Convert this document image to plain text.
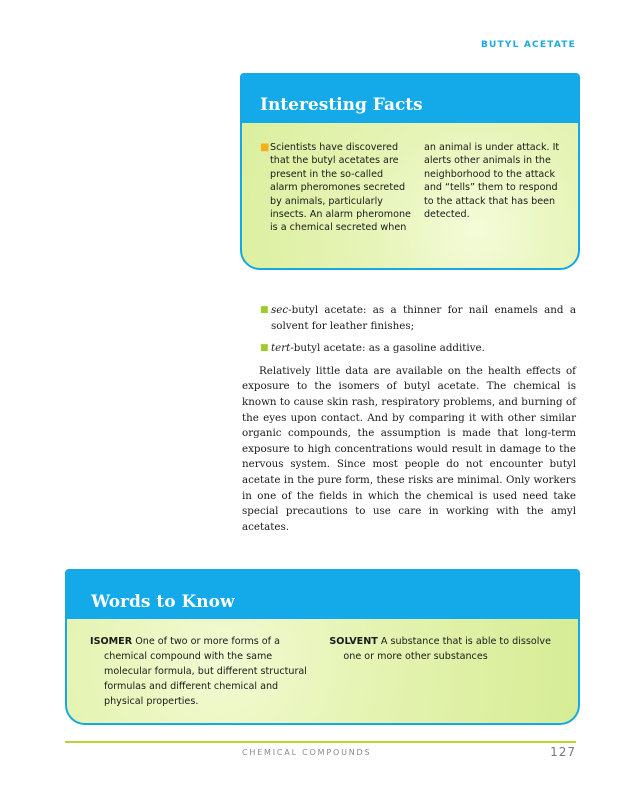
BUTYL ACETATE
Interesting Facts
■ Scientists have discovered that the butyl acetates are present in the so-called alarm pheromones secreted by animals, particularly insects. An alarm pheromone is a chemical secreted when
an animal is under attack. It alerts other animals in the neighborhood to the attack and “tells” them to respond to the attack that has been detected.
■ sec-butyl acetate: as a thinner for nail enamels and a solvent for leather finishes;
■ tert-butyl acetate: as a gasoline additive.

Relatively little data are available on the health effects of exposure to the isomers of butyl acetate. The chemical is known to cause skin rash, respiratory problems, and burning of the eyes upon contact. And by comparing it with other similar organic compounds, the assumption is made that long-term exposure to high concentrations would result in damage to the nervous system. Since most people do not encounter butyl acetate in the pure form, these risks are minimal. Only workers in one of the fields in which the chemical is used need take special precautions to use care in working with the amyl acetates.

Words to Know
ISOMER One of two or more forms of a chemical compound with the same molecular formula, but different structural formulas and different chemical and physical properties.
SOLVENT A substance that is able to dissolve one or more other substances
CHEMICAL COMPOUNDS	127
